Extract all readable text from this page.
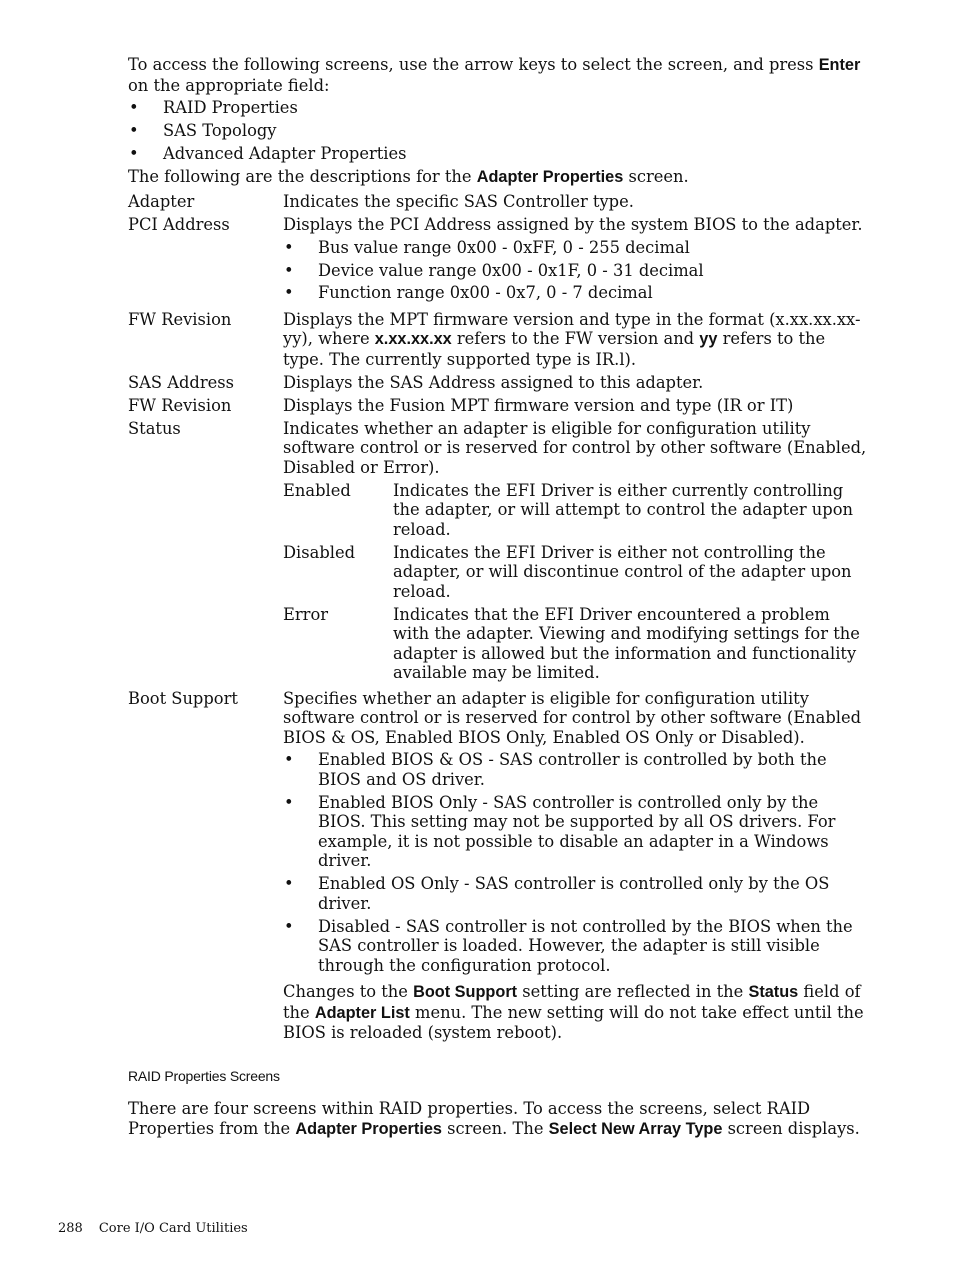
To access the following screens, use the arrow keys to select the screen, and press Enter on the appropriate field:

• RAID Properties
• SAS Topology
• Advanced Adapter Properties

The following are the descriptions for the Adapter Properties screen.

Adapter	Indicates the specific SAS Controller type.
PCI Address	Displays the PCI Address assigned by the system BIOS to the adapter.

• Bus value range 0x00 - 0xFF, 0 - 255 decimal
• Device value range 0x00 - 0x1F, 0 - 31 decimal
• Function range 0x00 - 0x7, 0 - 7 decimal
FW Revision	Displays the MPT firmware version and type in the format (x.xx.xx.xx- yy), where x.xx.xx.xx refers to the FW version and yy refers to the type. The currently supported type is IR.l).
SAS Address	Displays the SAS Address assigned to this adapter.
FW Revision	Displays the Fusion MPT firmware version and type (IR or IT)
Status	Indicates whether an adapter is eligible for configuration utility software control or is reserved for control by other software (Enabled, Disabled or Error).

Enabled	Indicates the EFI Driver is either currently controlling the adapter, or will attempt to control the adapter upon reload.
Disabled	Indicates the EFI Driver is either not controlling the adapter, or will discontinue control of the adapter upon reload.
Error	Indicates that the EFI Driver encountered a problem with the adapter. Viewing and modifying settings for the adapter is allowed but the information and functionality available may be limited.
Boot Support	Specifies whether an adapter is eligible for configuration utility software control or is reserved for control by other software (Enabled BIOS & OS, Enabled BIOS Only, Enabled OS Only or Disabled).

• Enabled BIOS & OS - SAS controller is controlled by both the BIOS and OS driver.
• Enabled BIOS Only - SAS controller is controlled only by the BIOS. This setting may not be supported by all OS drivers. For example, it is not possible to disable an adapter in a Windows driver.
• Enabled OS Only - SAS controller is controlled only by the OS driver.
• Disabled - SAS controller is not controlled by the BIOS when the SAS controller is loaded. However, the adapter is still visible through the configuration protocol.

Changes to the Boot Support setting are reflected in the Status field of the Adapter List menu. The new setting will do not take effect until the BIOS is reloaded (system reboot).

RAID Properties Screens

There are four screens within RAID properties. To access the screens, select RAID Properties from the Adapter Properties screen. The Select New Array Type screen displays.

288 Core I/O Card Utilities
